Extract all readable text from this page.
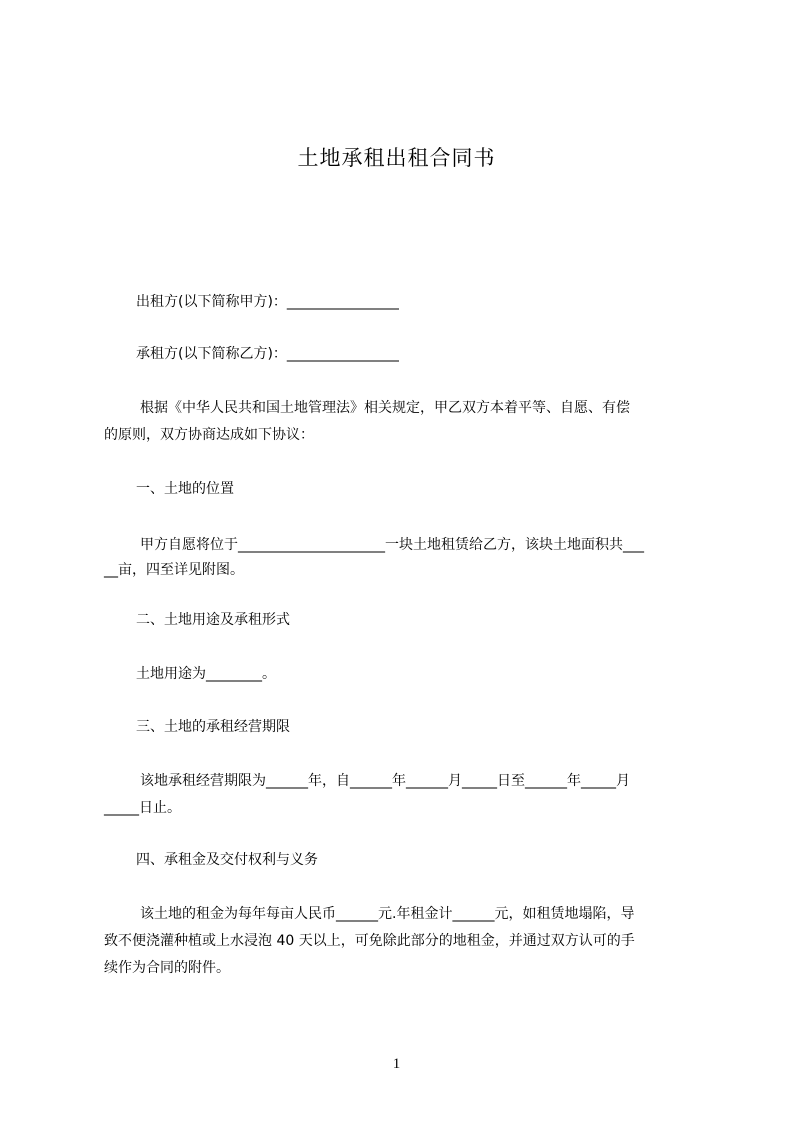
土地承租出租合同书
出租方(以下简称甲方)：________________
承租方(以下简称乙方)：________________
根据《中华人民共和国土地管理法》相关规定，甲乙双方本着平等、自愿、有偿
的原则，双方协商达成如下协议：
一、土地的位置
甲方自愿将位于_____________________一块土地租赁给乙方，该块土地面积共___
__亩，四至详见附图。
二、土地用途及承租形式
土地用途为________。
三、土地的承租经营期限
该地承租经营期限为______年，自______年______月_____日至______年_____月
_____日止。
四、承租金及交付权利与义务
该土地的租金为每年每亩人民币______元.年租金计______元，如租赁地塌陷，导
致不便浇灌种植或上水浸泡 40 天以上，可免除此部分的地租金，并通过双方认可的手
续作为合同的附件。
1
